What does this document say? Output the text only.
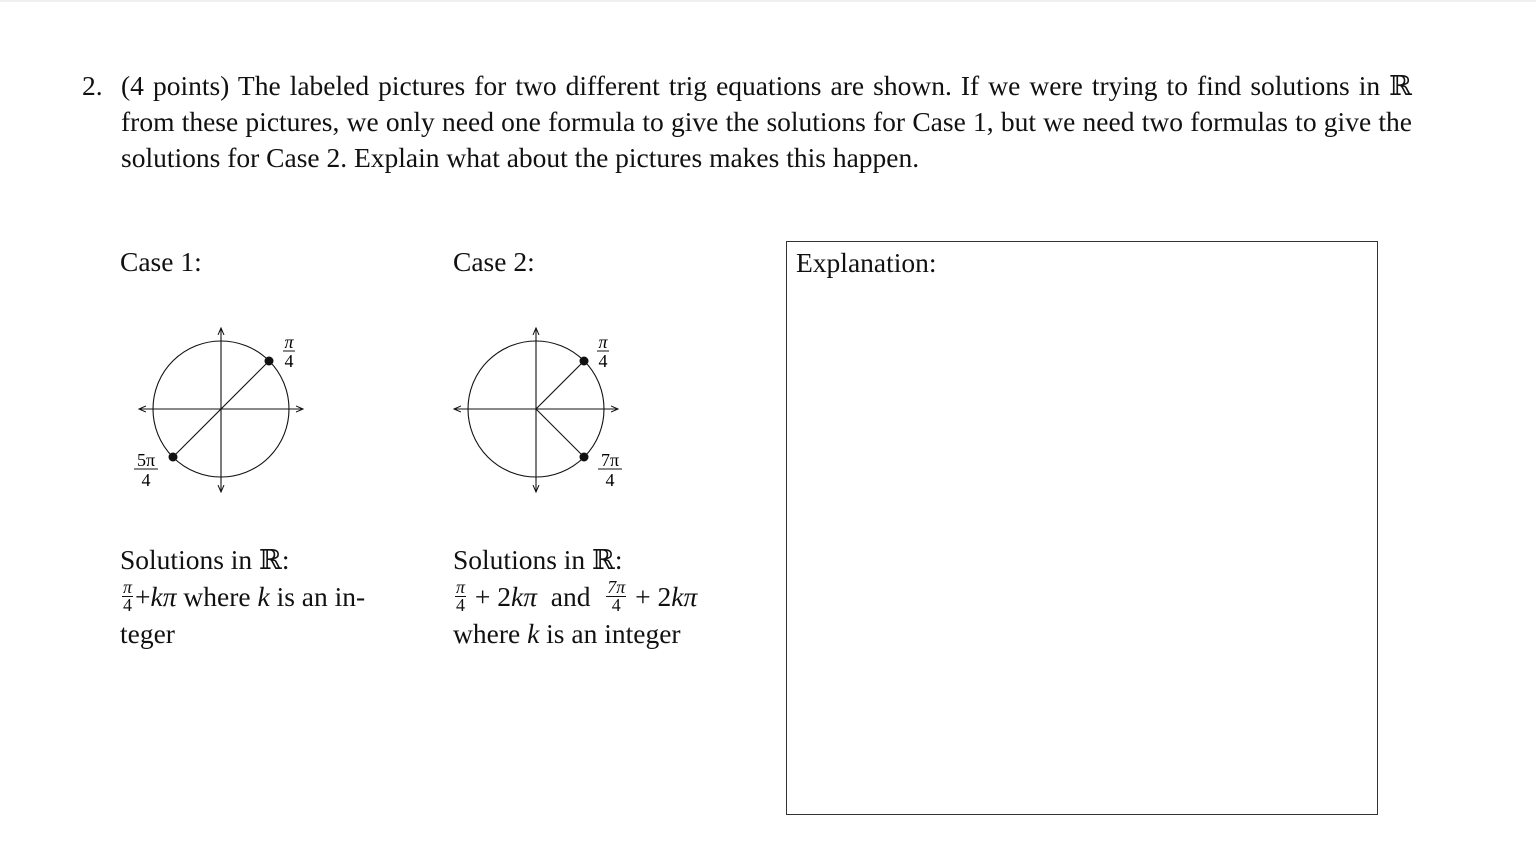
2. (4 points) The labeled pictures for two different trig equations are shown. If we were trying to find solutions in ℝ from these pictures, we only need one formula to give the solutions for Case 1, but we need two formulas to give the solutions for Case 2. Explain what about the pictures makes this happen.
Case 1:
π
4
5π
4
Solutions in ℝ:
$\frac{\pi}{4} +k\pi$ where k is an in-
teger
Case 2:
π
4
7π
4
Solutions in ℝ:
$\frac{\pi}{4} + 2k\pi$  and $\frac{7\pi}{4} + 2k\pi$
where k is an integer
Explanation:
